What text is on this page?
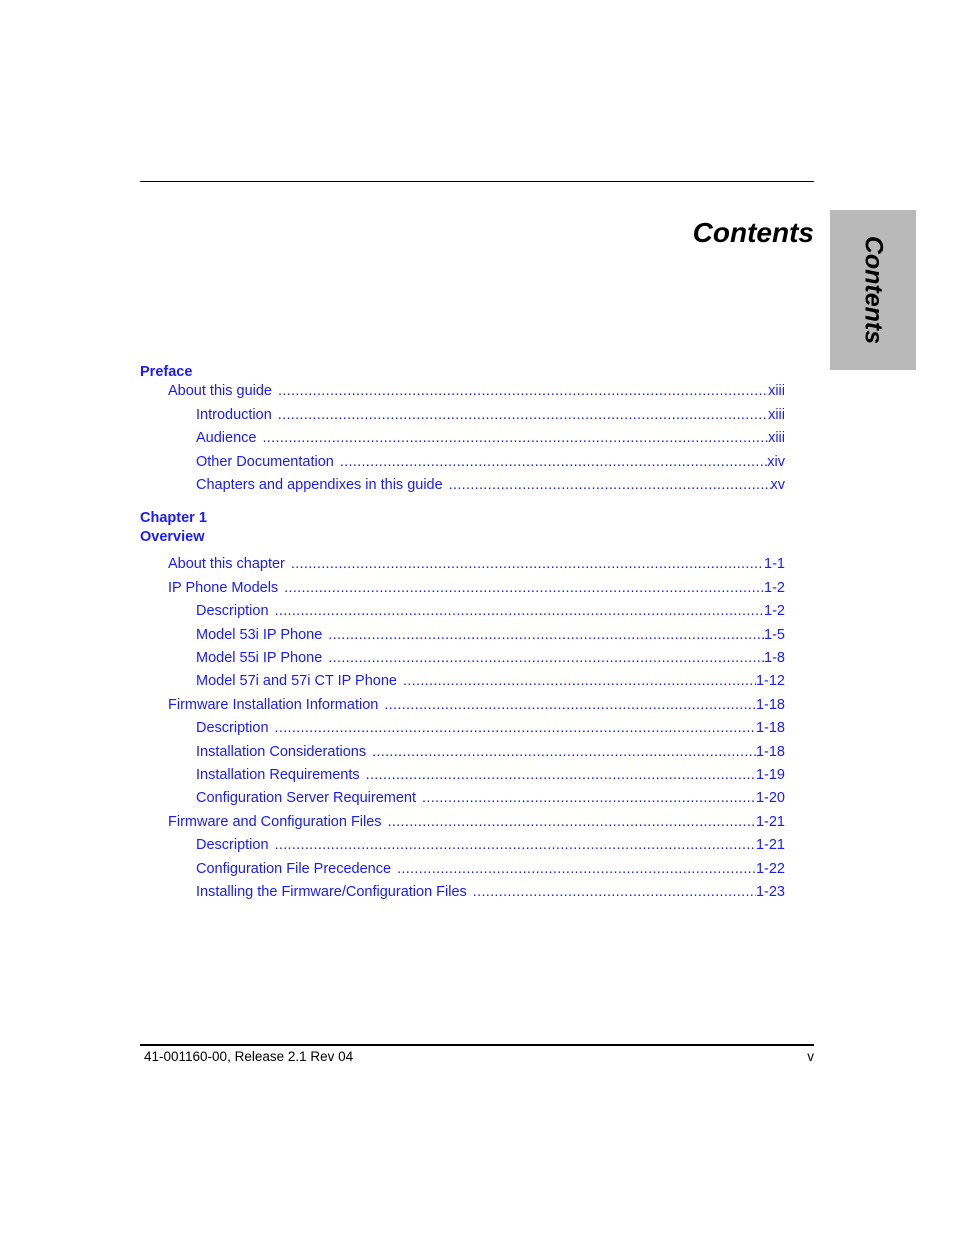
Contents
Contents
Preface
About this guide .....	xiii
Introduction .....	xiii
Audience .....	xiii
Other Documentation .....	xiv
Chapters and appendixes in this guide .....	xv
Chapter 1
Overview
About this chapter .....	1-1
IP Phone Models .....	1-2
Description .....	1-2
Model 53i IP Phone .....	1-5
Model 55i IP Phone .....	1-8
Model 57i and 57i CT IP Phone .....	1-12
Firmware Installation Information .....	1-18
Description .....	1-18
Installation Considerations .....	1-18
Installation Requirements .....	1-19
Configuration Server Requirement .....	1-20
Firmware and Configuration Files .....	1-21
Description .....	1-21
Configuration File Precedence .....	1-22
Installing the Firmware/Configuration Files .....	1-23
41-001160-00, Release 2.1 Rev 04	v
